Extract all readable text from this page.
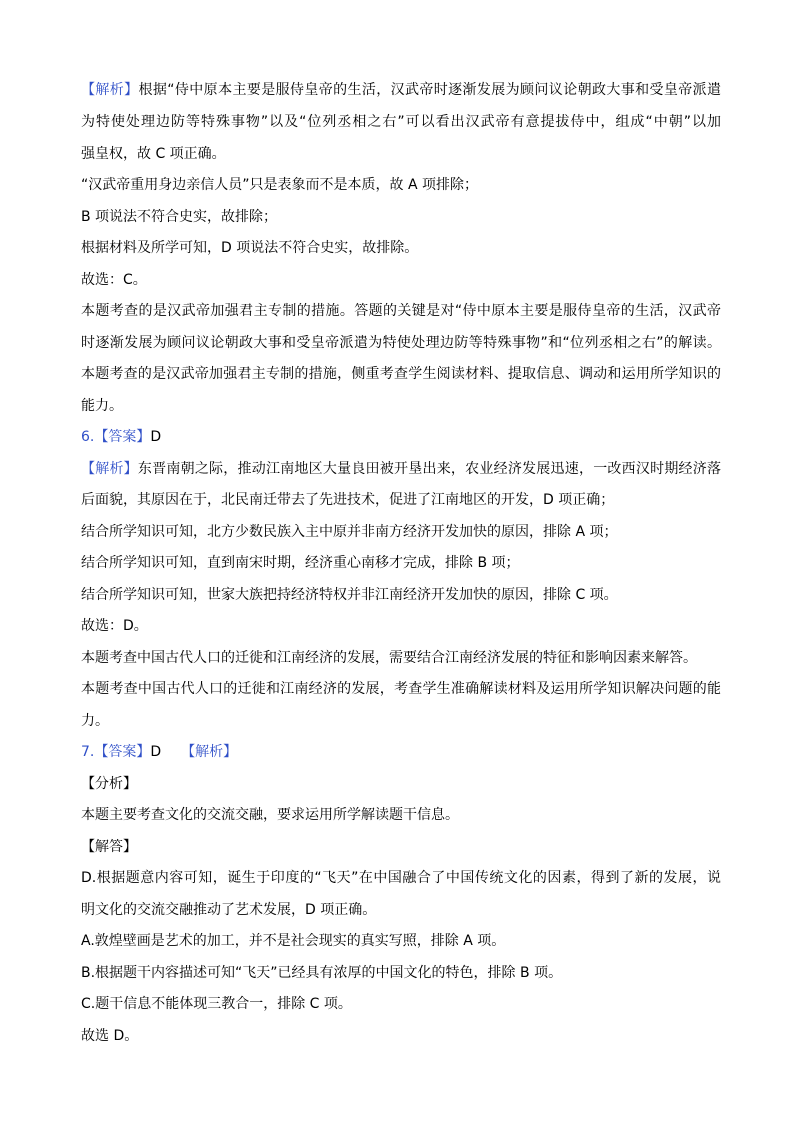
【解析】根据“侍中原本主要是服侍皇帝的生活，汉武帝时逐渐发展为顾问议论朝政大事和受皇帝派遣
为特使处理边防等特殊事物”以及“位列丞相之右”可以看出汉武帝有意提拔侍中，组成“中朝”以加
强皇权，故 C 项正确。
“汉武帝重用身边亲信人员”只是表象而不是本质，故 A 项排除；
B 项说法不符合史实，故排除；
根据材料及所学可知，D 项说法不符合史实，故排除。
故选：C。
本题考查的是汉武帝加强君主专制的措施。答题的关键是对“侍中原本主要是服侍皇帝的生活，汉武帝
时逐渐发展为顾问议论朝政大事和受皇帝派遣为特使处理边防等特殊事物”和“位列丞相之右”的解读。
本题考查的是汉武帝加强君主专制的措施，侧重考查学生阅读材料、提取信息、调动和运用所学知识的
能力。
6.【答案】D
【解析】东晋南朝之际，推动江南地区大量良田被开垦出来，农业经济发展迅速，一改西汉时期经济落
后面貌，其原因在于，北民南迁带去了先进技术，促进了江南地区的开发，D 项正确；
结合所学知识可知，北方少数民族入主中原并非南方经济开发加快的原因，排除 A 项；
结合所学知识可知，直到南宋时期，经济重心南移才完成，排除 B 项；
结合所学知识可知，世家大族把持经济特权并非江南经济开发加快的原因，排除 C 项。
故选：D。
本题考查中国古代人口的迁徙和江南经济的发展，需要结合江南经济发展的特征和影响因素来解答。
本题考查中国古代人口的迁徙和江南经济的发展，考查学生准确解读材料及运用所学知识解决问题的能
力。
7.【答案】D 【解析】
【分析】
本题主要考查文化的交流交融，要求运用所学解读题干信息。
【解答】
D.根据题意内容可知，诞生于印度的“飞天”在中国融合了中国传统文化的因素，得到了新的发展，说
明文化的交流交融推动了艺术发展，D 项正确。
A.敦煌壁画是艺术的加工，并不是社会现实的真实写照，排除 A 项。
B.根据题干内容描述可知“飞天”已经具有浓厚的中国文化的特色，排除 B 项。
C.题干信息不能体现三教合一，排除 C 项。
故选 D。
